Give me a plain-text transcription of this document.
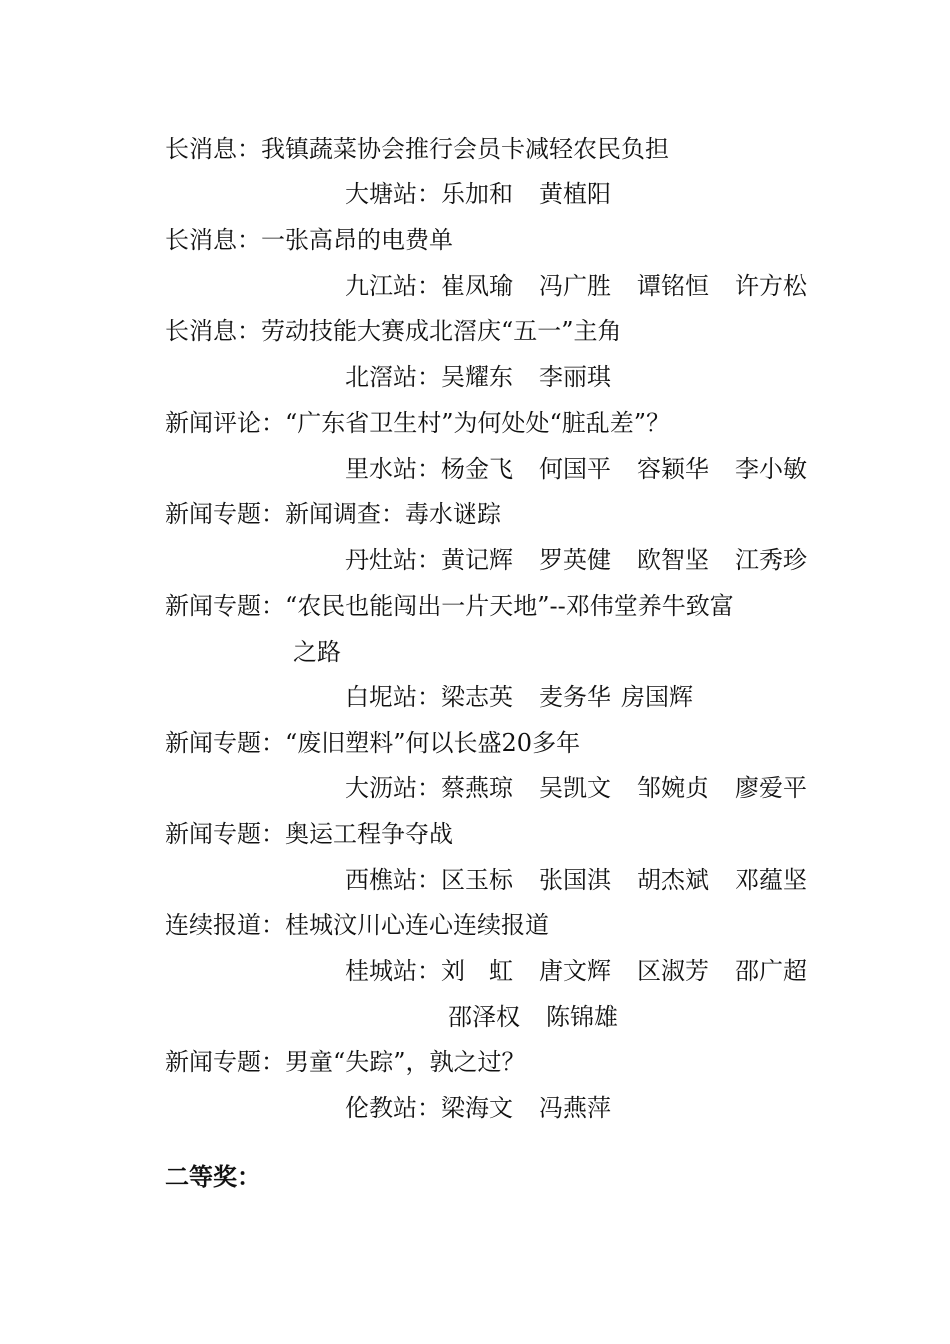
长消息：我镇蔬菜协会推行会员卡减轻农民负担
大塘站：乐加和 黄植阳
长消息：一张高昂的电费单
九江站：崔凤瑜 冯广胜 谭铭恒 许方松
长消息：劳动技能大赛成北滘庆“五一”主角
北滘站：吴耀东 李丽琪
新闻评论：“广东省卫生村”为何处处“脏乱差”？
里水站：杨金飞 何国平 容颖华 李小敏
新闻专题：新闻调查：毒水谜踪
丹灶站：黄记辉 罗英健 欧智坚 江秀珍
新闻专题：“农民也能闯出一片天地”--邓伟堂养牛致富
之路
白坭站：梁志英 麦务华 房国辉
新闻专题：“废旧塑料”何以长盛20多年
大沥站：蔡燕琼 吴凯文 邹婉贞 廖爱平
新闻专题：奥运工程争夺战
西樵站：区玉标 张国淇 胡杰斌 邓蕴坚
连续报道：桂城汶川心连心连续报道
桂城站：刘　虹 唐文辉 区淑芳 邵广超
邵泽权 陈锦雄
新闻专题：男童“失踪”，孰之过？
伦教站：梁海文 冯燕萍
二等奖：
